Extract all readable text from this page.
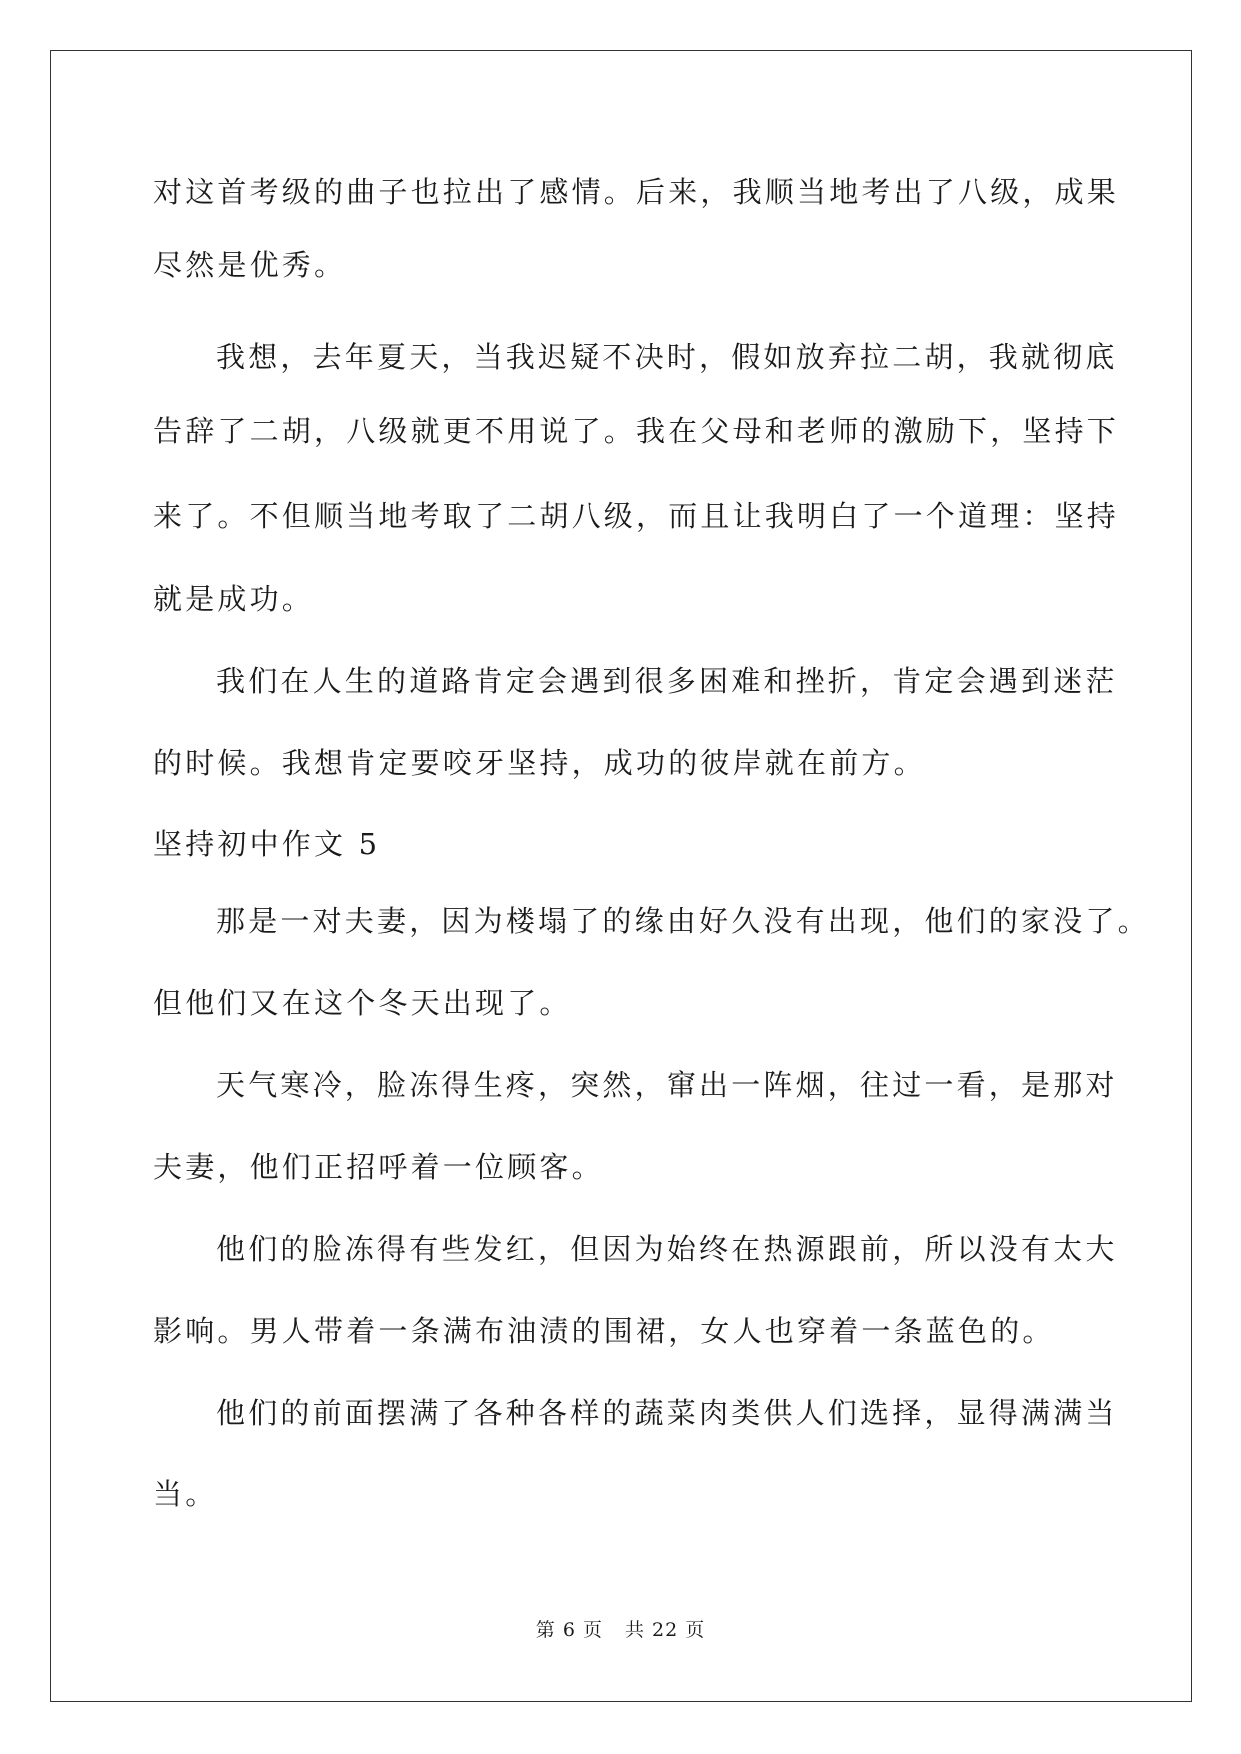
对这首考级的曲子也拉出了感情。后来，我顺当地考出了八级，成果
尽然是优秀。
我想，去年夏天，当我迟疑不决时，假如放弃拉二胡，我就彻底
告辞了二胡，八级就更不用说了。我在父母和老师的激励下，坚持下
来了。不但顺当地考取了二胡八级，而且让我明白了一个道理：坚持
就是成功。
我们在人生的道路肯定会遇到很多困难和挫折，肯定会遇到迷茫
的时候。我想肯定要咬牙坚持，成功的彼岸就在前方。
坚持初中作文 5
那是一对夫妻，因为楼塌了的缘由好久没有出现，他们的家没了。
但他们又在这个冬天出现了。
天气寒冷，脸冻得生疼，突然，窜出一阵烟，往过一看，是那对
夫妻，他们正招呼着一位顾客。
他们的脸冻得有些发红，但因为始终在热源跟前，所以没有太大
影响。男人带着一条满布油渍的围裙，女人也穿着一条蓝色的。
他们的前面摆满了各种各样的蔬菜肉类供人们选择，显得满满当
当。
第 6 页 共 22 页
